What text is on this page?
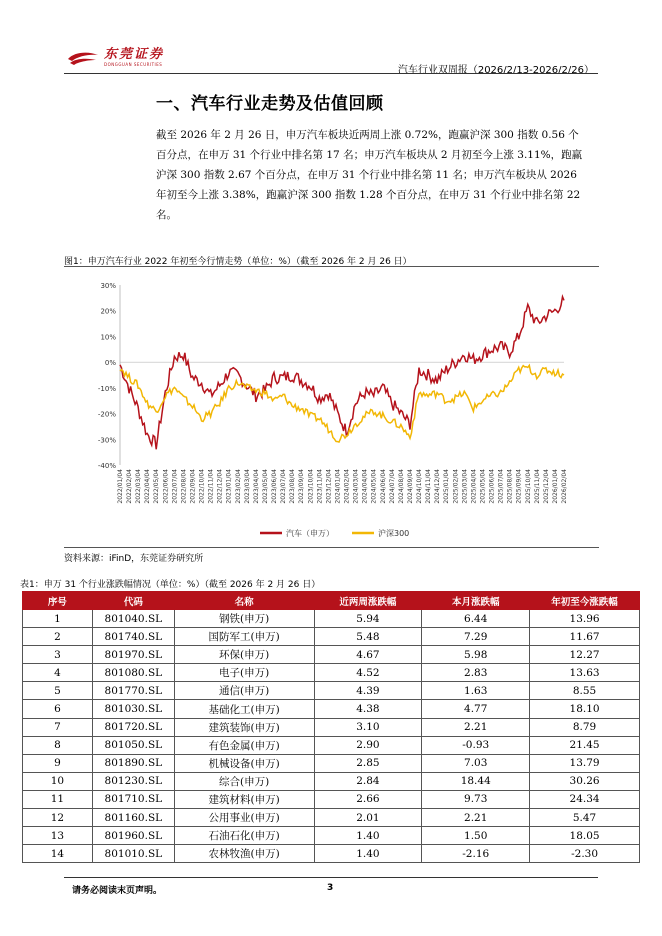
东莞证券
DONGGUAN SECURITIES
汽车行业双周报（2026/2/13-2026/2/26）
一、汽车行业走势及估值回顾
截至 2026 年 2 月 26 日，申万汽车板块近两周上涨 0.72%，跑赢沪深 300 指数 0.56 个百分点，在申万 31 个行业中排名第 17 名；申万汽车板块从 2 月初至今上涨 3.11%，跑赢沪深 300 指数 2.67 个百分点，在申万 31 个行业中排名第 11 名；申万汽车板块从 2026 年初至今上涨 3.38%，跑赢沪深 300 指数 1.28 个百分点，在申万 31 个行业中排名第 22 名。
图1：申万汽车行业 2022 年初至今行情走势（单位：%）（截至 2026 年 2 月 26 日）
30%
20%
10%
0%
-10%
-20%
-30%
-40%
2022/01/04 2022/02/04 2022/03/04 2022/04/04 2022/05/04 2022/06/04 2022/07/04 2022/08/04 2022/09/04 2022/10/04 2022/11/04 2022/12/04 2023/01/04 2023/02/04 2023/03/04 2023/04/04 2023/05/04 2023/06/04 2023/07/04 2023/08/04 2023/09/04 2023/10/04 2023/11/04 2023/12/04 2024/01/04 2024/02/04 2024/03/04 2024/04/04 2024/05/04 2024/06/04 2024/07/04 2024/08/04 2024/09/04 2024/10/04 2024/11/04 2024/12/04 2025/01/04 2025/02/04 2025/03/04 2025/04/04 2025/05/04 2025/06/04 2025/07/04 2025/08/04 2025/09/04 2025/10/04 2025/11/04 2025/12/04 2026/01/04 2026/02/04
汽车（申万）	沪深300
资料来源：iFinD，东莞证券研究所
表1：申万 31 个行业涨跌幅情况（单位：%）（截至 2026 年 2 月 26 日）
序号	代码	名称	近两周涨跌幅	本月涨跌幅	年初至今涨跌幅
1	801040.SL	钢铁(申万)	5.94	6.44	13.96
2	801740.SL	国防军工(申万)	5.48	7.29	11.67
3	801970.SL	环保(申万)	4.67	5.98	12.27
4	801080.SL	电子(申万)	4.52	2.83	13.63
5	801770.SL	通信(申万)	4.39	1.63	8.55
6	801030.SL	基础化工(申万)	4.38	4.77	18.10
7	801720.SL	建筑装饰(申万)	3.10	2.21	8.79
8	801050.SL	有色金属(申万)	2.90	-0.93	21.45
9	801890.SL	机械设备(申万)	2.85	7.03	13.79
10	801230.SL	综合(申万)	2.84	18.44	30.26
11	801710.SL	建筑材料(申万)	2.66	9.73	24.34
12	801160.SL	公用事业(申万)	2.01	2.21	5.47
13	801960.SL	石油石化(申万)	1.40	1.50	18.05
14	801010.SL	农林牧渔(申万)	1.40	-2.16	-2.30
请务必阅读末页声明。	3
